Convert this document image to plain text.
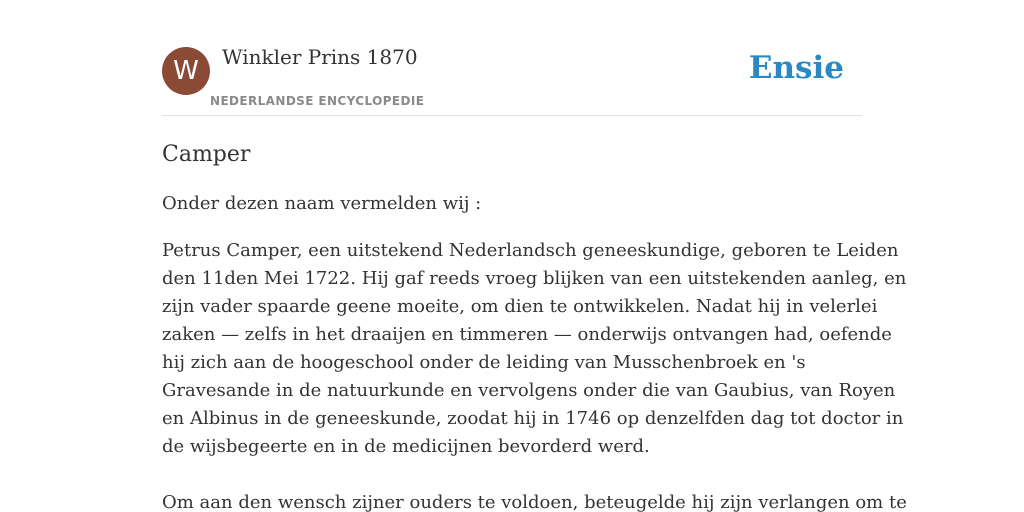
W	Winkler Prins 1870
NEDERLANDSE ENCYCLOPEDIE
Ensie
Camper

Onder dezen naam vermelden wij :

Petrus Camper, een uitstekend Nederlandsch geneeskundige, geboren te Leiden

den 11den Mei 1722. Hij gaf reeds vroeg blijken van een uitstekenden aanleg, en

zijn vader spaarde geene moeite, om dien te ontwikkelen. Nadat hij in velerlei

zaken — zelfs in het draaijen en timmeren — onderwijs ontvangen had, oefende

hij zich aan de hoogeschool onder de leiding van Musschenbroek en 's

Gravesande in de natuurkunde en vervolgens onder die van Gaubius, van Royen

en Albinus in de geneeskunde, zoodat hij in 1746 op denzelfden dag tot doctor in

de wijsbegeerte en in de medicijnen bevorderd werd.

Om aan den wensch zijner ouders te voldoen, beteugelde hij zijn verlangen om te
